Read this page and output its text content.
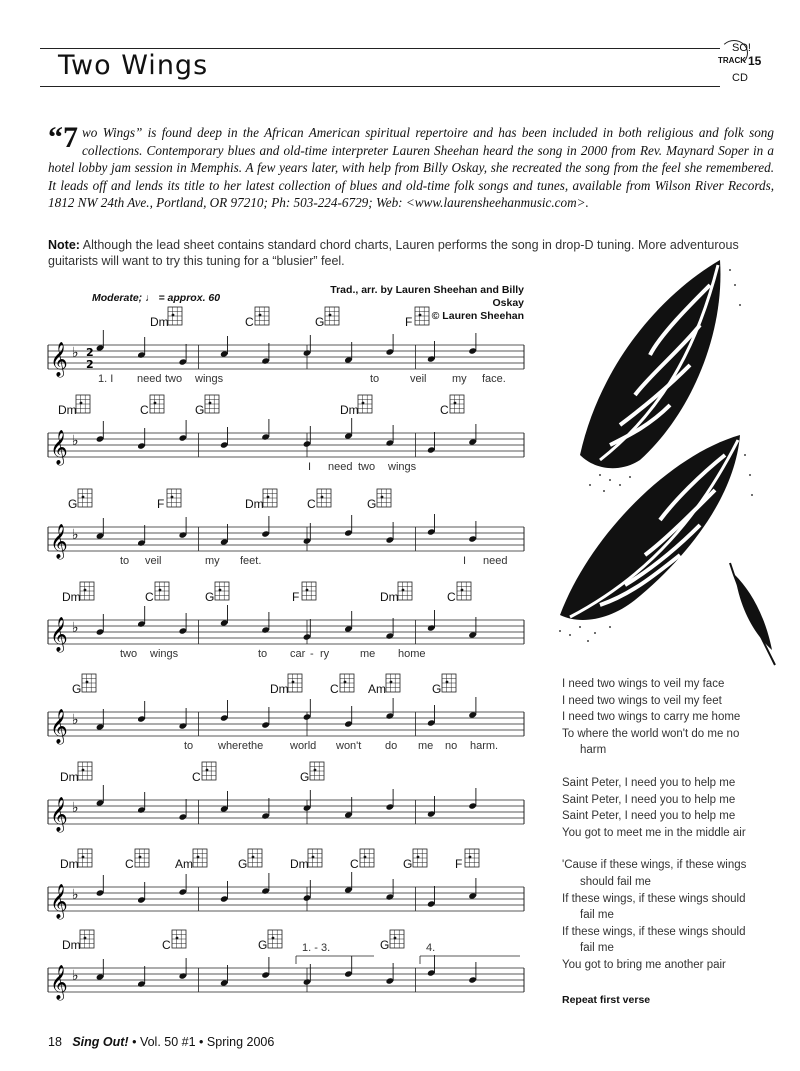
Two Wings
SO!
TRACK 15
CD
“7 wo Wings” is found deep in the African American spiritual repertoire and has been included in both religious and folk song collections. Contemporary blues and old-time interpreter Lauren Sheehan heard the song in 2000 from Rev. Maynard Soper in a hotel lobby jam session in Memphis. A few years later, with help from Billy Oskay, she recreated the song from the feel she remembered. It leads off and lends its title to her latest collection of blues and old-time folk songs and tunes, available from Wilson River Records, 1812 NW 24th Ave., Portland, OR 97210; Ph: 503-224-6729; Web: <www.laurensheehanmusic.com>.
Note: Although the lead sheet contains standard chord charts, Lauren performs the song in drop-D tuning. More adventurous guitarists will want to try this tuning for a “blusier” feel.
Moderate; ♩ = approx. 60
Trad., arr. by Lauren Sheehan and Billy Oskay
© Lauren Sheehan
𝄞 ♭
𝄞 ♭
𝄞 ♭
𝄞 ♭
𝄞 ♭
𝄞 ♭
𝄞 ♭
𝄞 ♭
2
2
Dm	C	G	F
1. I need two wings	to	veil my face.
Dm	C	G	Dm	C
I need two wings
G	F	Dm	C	G
to veil	my feet.	I need
Dm	C	G	F	Dm	C
two wings	to car - ry	me home
G	Dm	C Am	G
to where the world won't do me no harm.
Dm	C	G
Dm	C	Am	G	Dm	C	G	F
Dm	C	G	G
1. - 3.	4.

I need two wings to veil my face
I need two wings to veil my feet
I need two wings to carry me home
To where the world won't do me no
harm

Saint Peter, I need you to help me
Saint Peter, I need you to help me
Saint Peter, I need you to help me
You got to meet me in the middle air

'Cause if these wings, if these wings
should fail me
If these wings, if these wings should
fail me
If these wings, if these wings should
fail me
You got to bring me another pair

Repeat first verse
18 Sing Out! • Vol. 50 #1 • Spring 2006
